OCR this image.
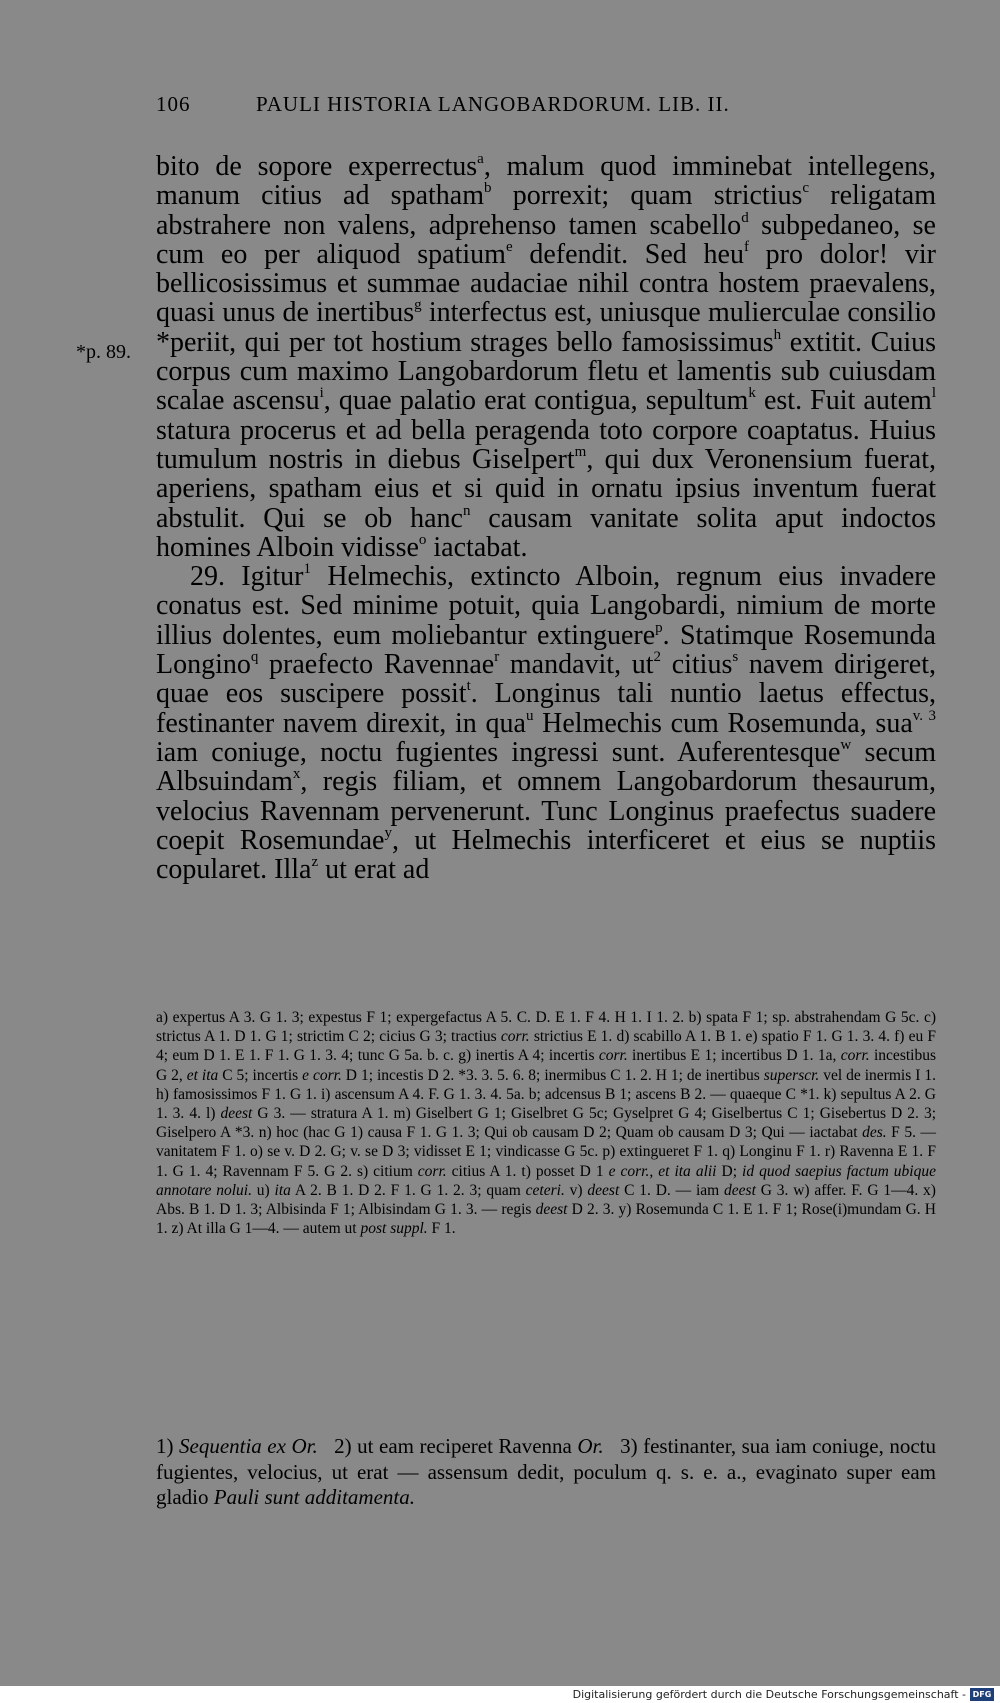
106	PAULI HISTORIA LANGOBARDORUM. LIB. II.
*p. 89.

bito de sopore experrectus$^a$, malum quod imminebat intellegens, manum citius ad spatham$^b$ porrexit; quam strictius$^c$ religatam abstrahere non valens, adprehenso tamen scabello$^d$ subpedaneo, se cum eo per aliquod spatium$^e$ defendit. Sed heu$^f$ pro dolor! vir bellicosissimus et summae audaciae nihil contra hostem praevalens, quasi unus de inertibus$^g$ interfectus est, uniusque mulierculae consilio *periit, qui per tot hostium strages bello famosissimus$^h$ extitit. Cuius corpus cum maximo Langobardorum fletu et lamentis sub cuiusdam scalae ascensu$^i$, quae palatio erat contigua, sepultum$^k$ est. Fuit autem$^l$ statura procerus et ad bella peragenda toto corpore coaptatus. Huius tumulum nostris in diebus Giselpert$^m$, qui dux Veronensium fuerat, aperiens, spatham eius et si quid in ornatu ipsius inventum fuerat abstulit. Qui se ob hanc$^n$ causam vanitate solita aput indoctos homines Alboin vidisse$^o$ iactabat.

29. Igitur$^1$ Helmechis, extincto Alboin, regnum eius invadere conatus est. Sed minime potuit, quia Langobardi, nimium de morte illius dolentes, eum moliebantur extinguere$^p$. Statimque Rosemunda Longino$^q$ praefecto Ravennae$^r$ mandavit, $ut^2$ citius$^s$ navem dirigeret, quae eos suscipere possit$^t$. Longinus tali nuntio laetus effectus, festinanter navem direxit, in qua$^u$ Helmechis cum Rosemunda, sua$^{v. 3}$ iam coniuge, noctu fugientes ingressi sunt. Auferentesque$^w$ secum Albsuindam$^x$, regis filiam, et omnem Langobardorum thesaurum, velocius Ravennam pervenerunt. Tunc Longinus praefectus suadere coepit Rosemundae$^y$, ut Helmechis interficeret et eius se nuptiis copularet. Illa$^z$ ut erat ad

a) expertus A 3. G 1. 3; expestus F 1; expergefactus A 5. C. D. E 1. F 4. H 1. I 1. 2. b) spata F 1; sp. abstrahendam G 5c. c) strictus A 1. D 1. G 1; strictim C 2; cicius G 3; tractius corr. strictius E 1. d) scabillo A 1. B 1. e) spatio F 1. G 1. 3. 4. f) eu F 4; eum D 1. E 1. F 1. G 1. 3. 4; tunc G 5a. b. c. g) inertis A 4; incertis corr. inertibus E 1; incertibus D 1. 1a, corr. incestibus G 2, et ita C 5; incertis e corr. D 1; incestis D 2. *3. 3. 5. 6. 8; inermibus C 1. 2. H 1; de inertibus superscr. vel de inermis I 1. h) famosissimos F 1. G 1. i) ascensum A 4. F. G 1. 3. 4. 5a. b; adcensus B 1; ascens B 2. — quaeque C *1. k) sepultus A 2. G 1. 3. 4. l) deest G 3. — stratura A 1. m) Giselbert G 1; Giselbret G 5c; Gyselpret G 4; Giselbertus C 1; Gisebertus D 2. 3; Giselpero A *3. n) hoc (hac G 1) causa F 1. G 1. 3; Qui ob causam D 2; Quam ob causam D 3; Qui — iactabat des. F 5. — vanitatem F 1. o) se v. D 2. G; v. se D 3; vidisset E 1; vindicasse G 5c. p) extingueret F 1. q) Longinu F 1. r) Ravenna E 1. F 1. G 1. 4; Ravennam F 5. G 2. s) citium corr. citius A 1. t) posset D 1 e corr., et ita alii D; id quod saepius factum ubique annotare nolui. u) ita A 2. B 1. D 2. F 1. G 1. 2. 3; quam ceteri. v) deest C 1. D. — iam deest G 3. w) affer. F. G 1—4. x) Abs. B 1. D 1. 3; Albisinda F 1; Albisindam G 1. 3. — regis deest D 2. 3. y) Rosemunda C 1. E 1. F 1; Rose(i)mundam G. H 1. z) At illa G 1—4. — autem ut post suppl. F 1.

1) Sequentia ex Or.   2) ut eam reciperet Ravenna Or.   3) festinanter, sua iam coniuge, noctu fugientes, velocius, ut erat — assensum dedit, poculum q. s. e. a., evaginato super eam gladio Pauli sunt additamenta.

Digitalisierung gefördert durch die Deutsche Forschungsgemeinschaft - DFG
